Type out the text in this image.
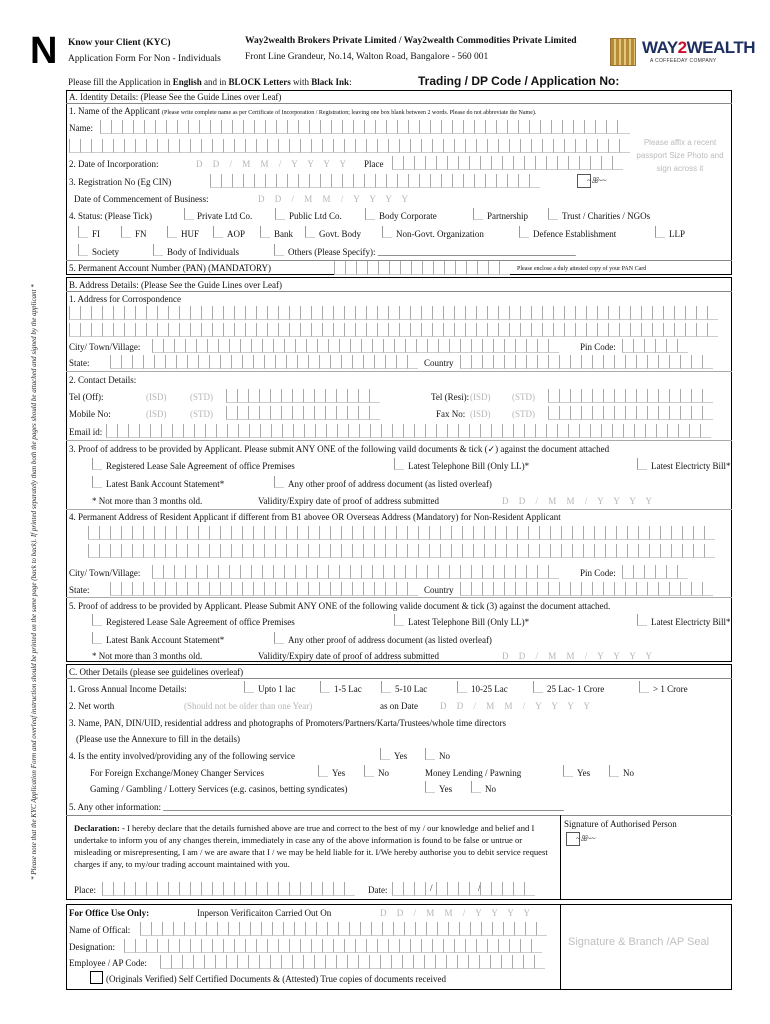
N
* Please note that the KYC Application Form and overleaf instruction should be printed on the same page (back to back). If printed separately than both the pages should be attached and signed by the applicant *
Know your Client (KYC)
Application Form For Non - Individuals
Way2wealth Brokers Private Limited / Way2wealth Commodities Private Limited
Front Line Grandeur, No.14, Walton Road, Bangalore - 560 001	WAY2WEALTH
A COFFEEDAY COMPANY
Please fill the Application in English and in BLOCK Letters with Black Ink:	Trading / DP Code / Application No:
A. Identity Details: (Please See the Guide Lines over Leaf)
1. Name of the Applicant (Please write complete name as per Certificate of Incorporation / Registration; leaving one box blank between 2 words. Please do not abbreviate the Name).
Name:
Please affix a recent passport Size Photo and sign across it
2. Date of Incorporation:	D D / M M / Y Y Y Y Place
3. Registration No (Eg CIN)	~ꕤ~~
Date of Commencement of Business:	D D / M M / Y Y Y Y
4. Status: (Please Tick)	Private Ltd Co.	Public Ltd Co.	Body Corporate	Partnership	Trust / Charities / NGOs
FI	FN	HUF	AOP	Bank	Govt. Body	Non-Govt. Organization	Defence Establishment	LLP
Society	Body of Individuals	Others (Please Specify): ____________________________________________
5. Permanent Account Number (PAN) (MANDATORY)	Please enclose a duly attested copy of your PAN Card
B. Address Details: (Please See the Guide Lines over Leaf)
1. Address for Corrospondence
City/ Town/Village:	Pin Code:
State:	Country
2. Contact Details:
Tel (Off):	(ISD)	(STD)	Tel (Resi): (ISD) (STD)
Mobile No:	(ISD)	(STD)	Fax No: (ISD) (STD)
Email id:
3. Proof of address to be provided by Applicant. Please submit ANY ONE of the following vaild documents & tick (✓) against the document attached
Registered Lease Sale Agreement of office Premises	Latest Telephone Bill (Only LL)*	Latest Electricty Bill*
Latest Bank Account Statement*	Any other proof of address document (as listed overleaf)
* Not more than 3 months old.	Validity/Expiry date of proof of address submitted	D D / M M / Y Y Y Y
4. Permanent Address of Resident Applicant if different from B1 abovee OR Overseas Address (Mandatory) for Non-Resident Applicant
City/ Town/Village:	Pin Code:
State:	Country
5. Proof of address to be provided by Applicant. Please Submit ANY ONE of the following valide document & tick (3) against the document attached.
Registered Lease Sale Agreement of office Premises	Latest Telephone Bill (Only LL)*	Latest Electricty Bill*
Latest Bank Account Statement*	Any other proof of address document (as listed overleaf)
* Not more than 3 months old.	Validity/Expiry date of proof of address submitted	D D / M M / Y Y Y Y
C. Other Details (please see guidelines overleaf)
1. Gross Annual Income Details:	Upto 1 lac	1-5 Lac	5-10 Lac	10-25 Lac	25 Lac- 1 Crore	> 1 Crore
2. Net worth	(Should not be older than one Year)	as on Date D D / M M / Y Y Y Y
3. Name, PAN, DIN/UID, residential address and photographs of Promoters/Partners/Karta/Trustees/whole time directors
(Please use the Annexure to fill in the details)
4. Is the entity involved/providing any of the following service	Yes	No
For Foreign Exchange/Money Changer Services	Yes	No	Money Lending / Pawning	Yes	No
Gaming / Gambling / Lottery Services (e.g. casinos, betting syndicates)	Yes	No
5. Any other information: _________________________________________________________________________________________
Declaration: - I hereby declare that the details furnished above are true and correct to the best of my / our knowledge and belief and I undertake to inform you of any changes therein, immediately in case any of the above information is found to be false or untrue or misleading or misrepresenting, I am / we are aware that I / we may be held liable for it. I/We hereby authorise you to debit service request charges if any, to my/our trading account maintained with you.
Signature of Authorised Person
~ꕤ~~
Place:	Date:	/	/
For Office Use Only:	Inperson Verificaiton Carried Out On	D D / M M / Y Y Y Y
Name of Offical:
Designation:
Employee / AP Code:
(Originals Verified) Self Certified Documents & (Attested) True copies of documents received
Signature & Branch /AP Seal
